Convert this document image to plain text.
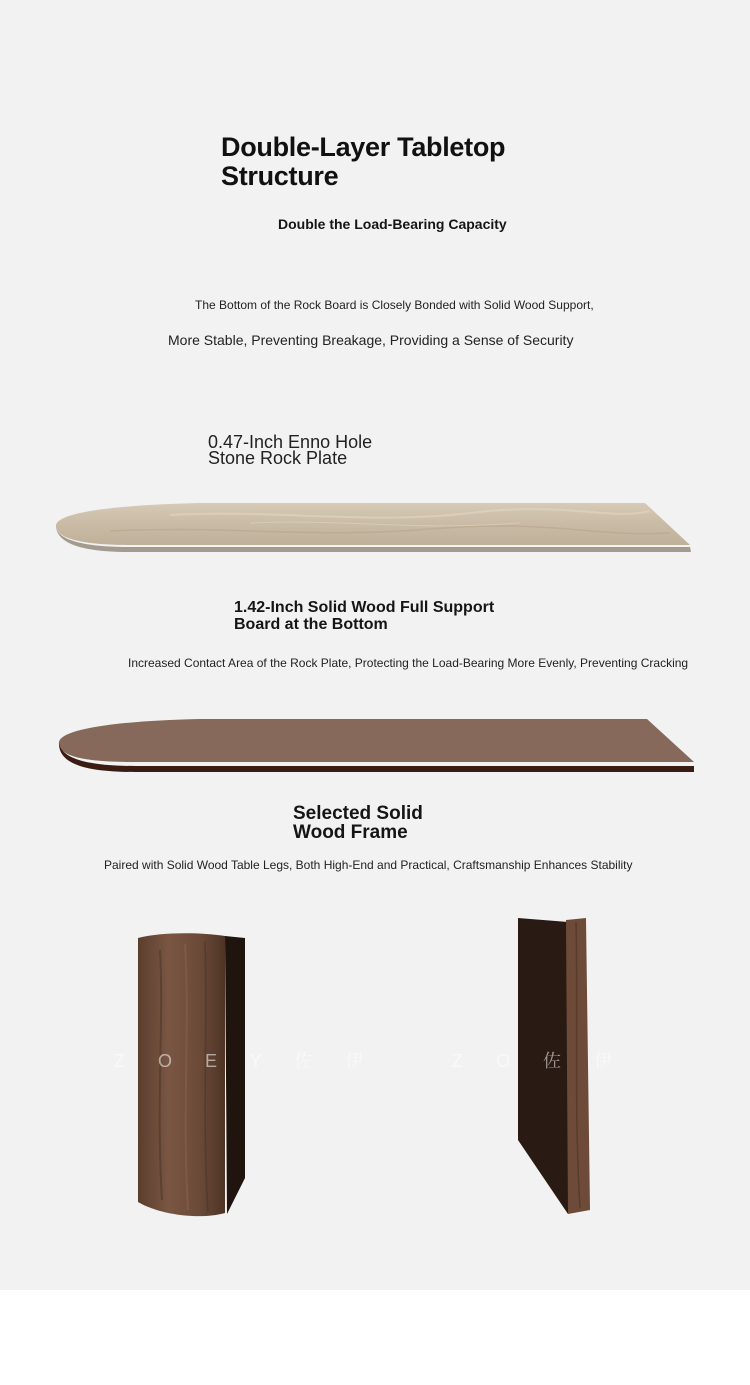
Double-Layer Tabletop
Structure
Double the Load-Bearing Capacity
The Bottom of the Rock Board is Closely Bonded with Solid Wood Support,
More Stable, Preventing Breakage, Providing a Sense of Security
0.47-Inch Enno Hole
Stone Rock Plate
1.42-Inch Solid Wood Full Support
Board at the Bottom
Increased Contact Area of the Rock Plate, Protecting the Load-Bearing More Evenly, Preventing Cracking
Selected Solid
Wood Frame
Paired with Solid Wood Table Legs, Both High-End and Practical, Craftsmanship Enhances Stability
Z O E Y 佐 伊	Z O 佐 伊
